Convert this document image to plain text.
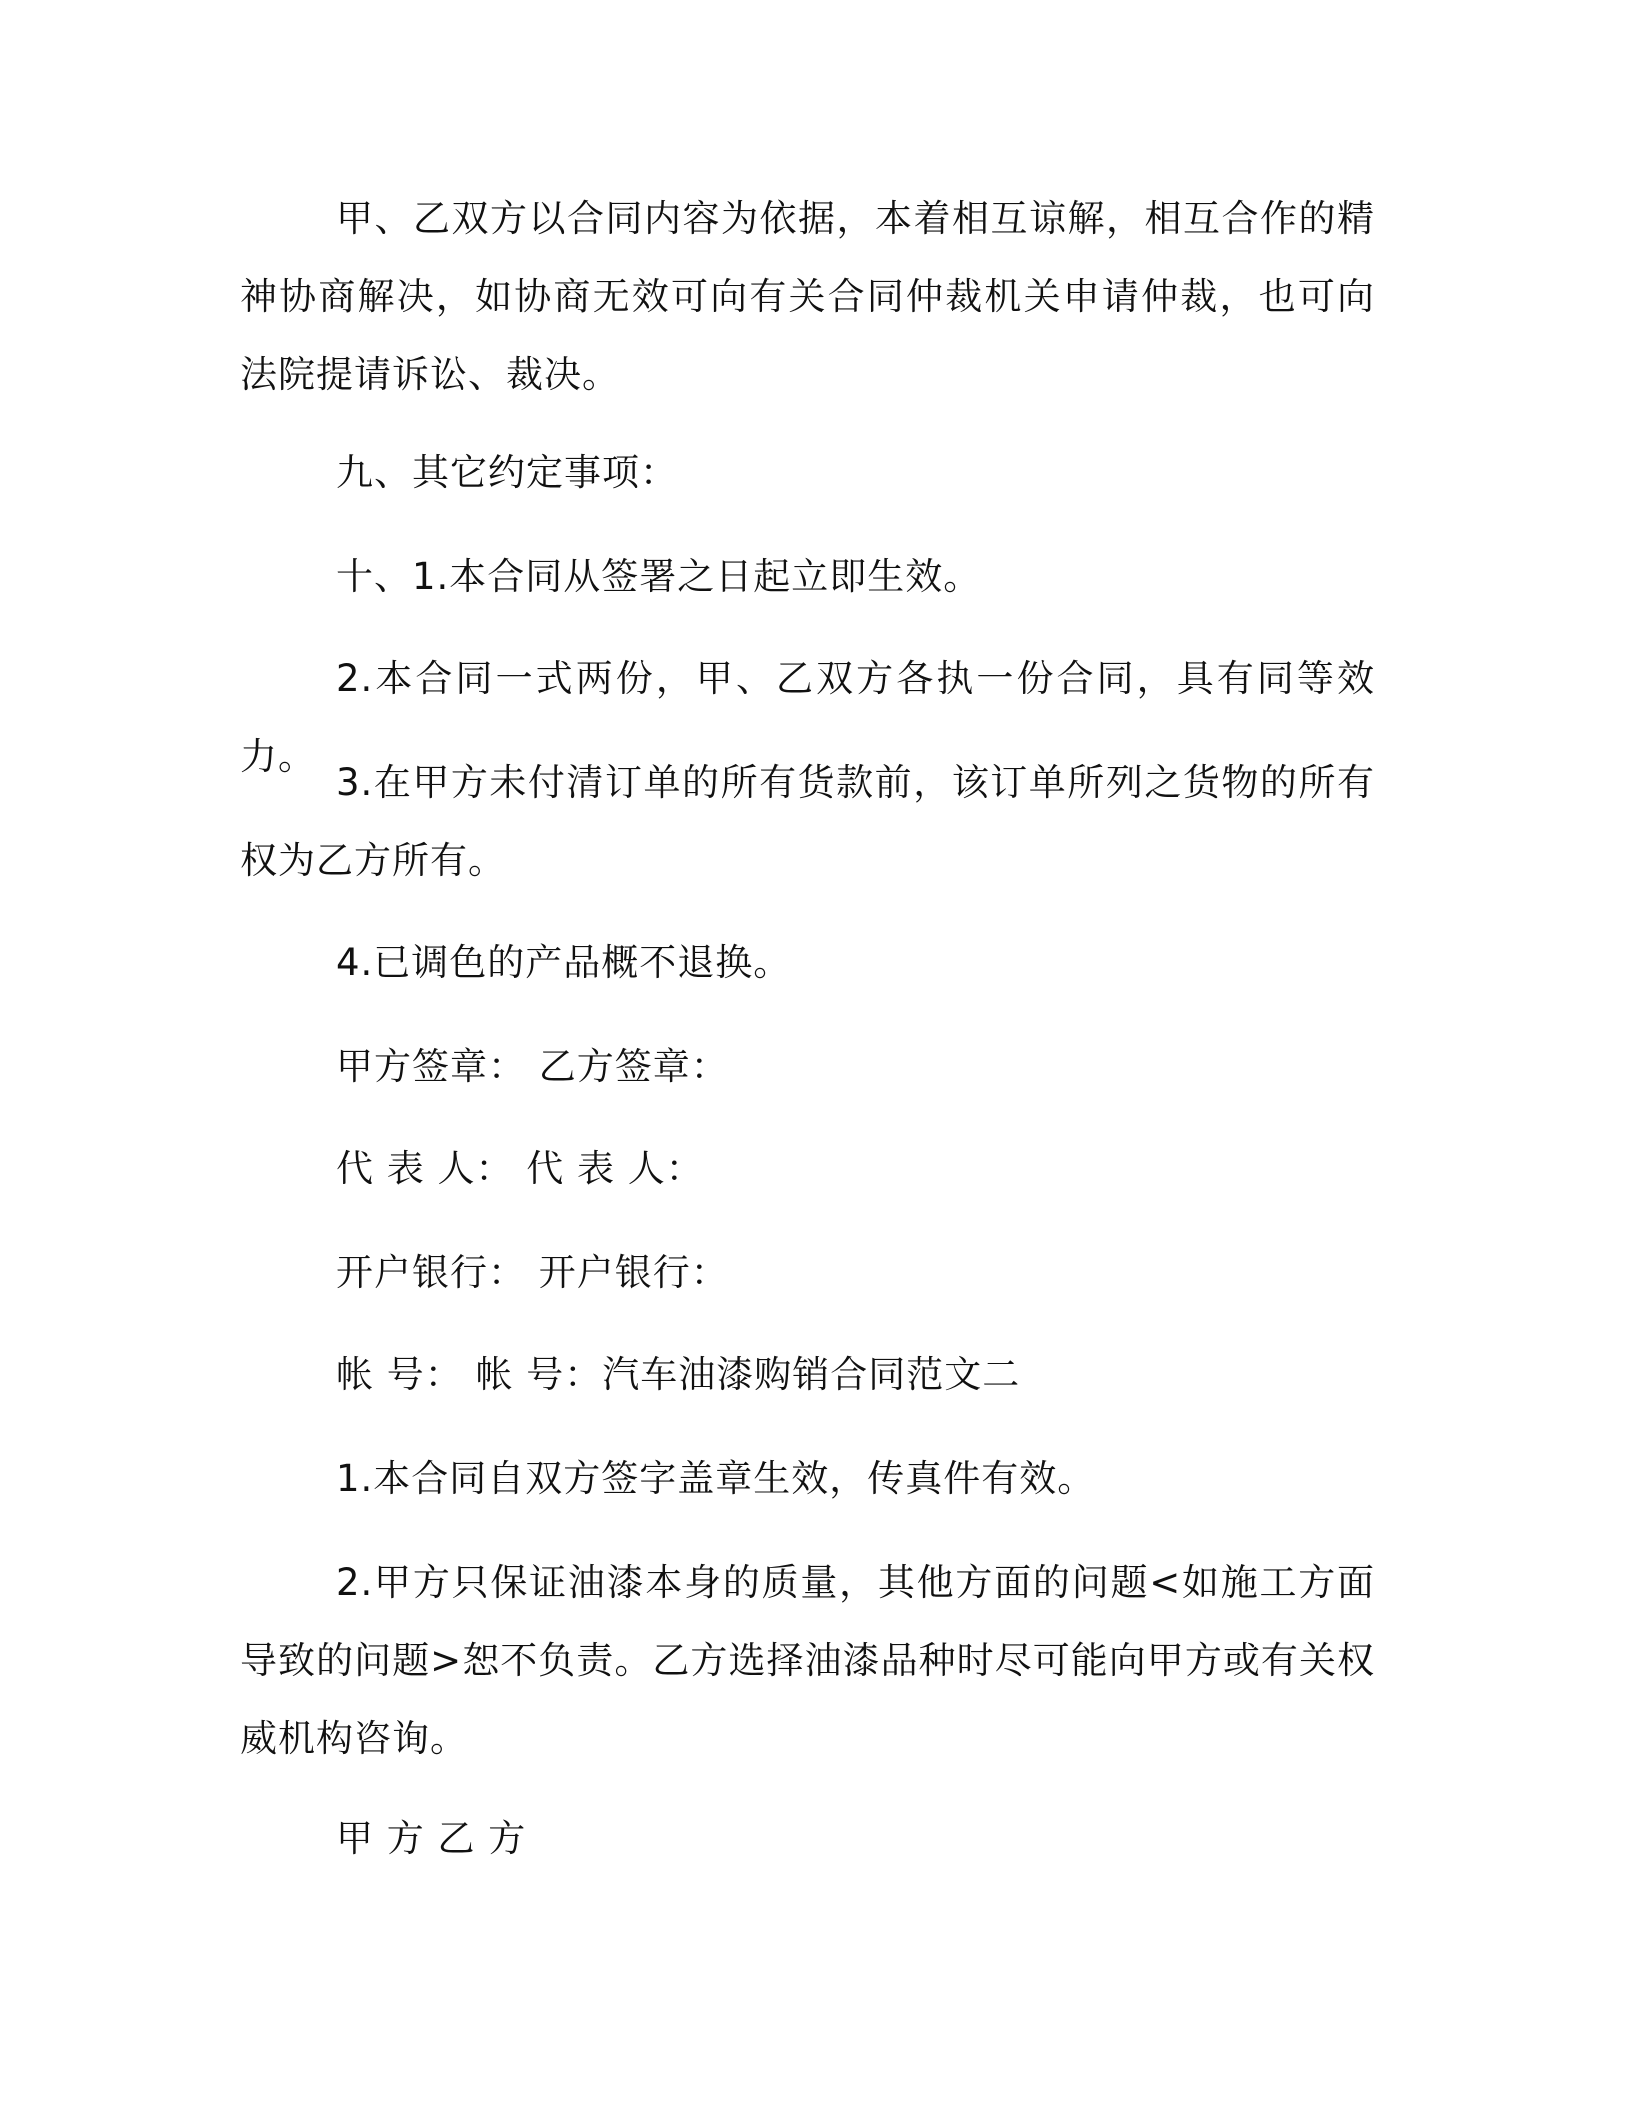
甲、乙双方以合同内容为依据，本着相互谅解，相互合作的精神协商解决，如协商无效可向有关合同仲裁机关申请仲裁，也可向法院提请诉讼、裁决。

九、其它约定事项：

十、1.本合同从签署之日起立即生效。

2.本合同一式两份，甲、乙双方各执一份合同，具有同等效力。

3.在甲方未付清订单的所有货款前，该订单所列之货物的所有权为乙方所有。

4.已调色的产品概不退换。

甲方签章： 乙方签章：

代 表 人： 代 表 人：

开户银行： 开户银行：

帐 号： 帐 号：汽车油漆购销合同范文二

1.本合同自双方签字盖章生效，传真件有效。

2.甲方只保证油漆本身的质量，其他方面的问题<如施工方面导致的问题>恕不负责。乙方选择油漆品种时尽可能向甲方或有关权威机构咨询。

甲 方 乙 方
